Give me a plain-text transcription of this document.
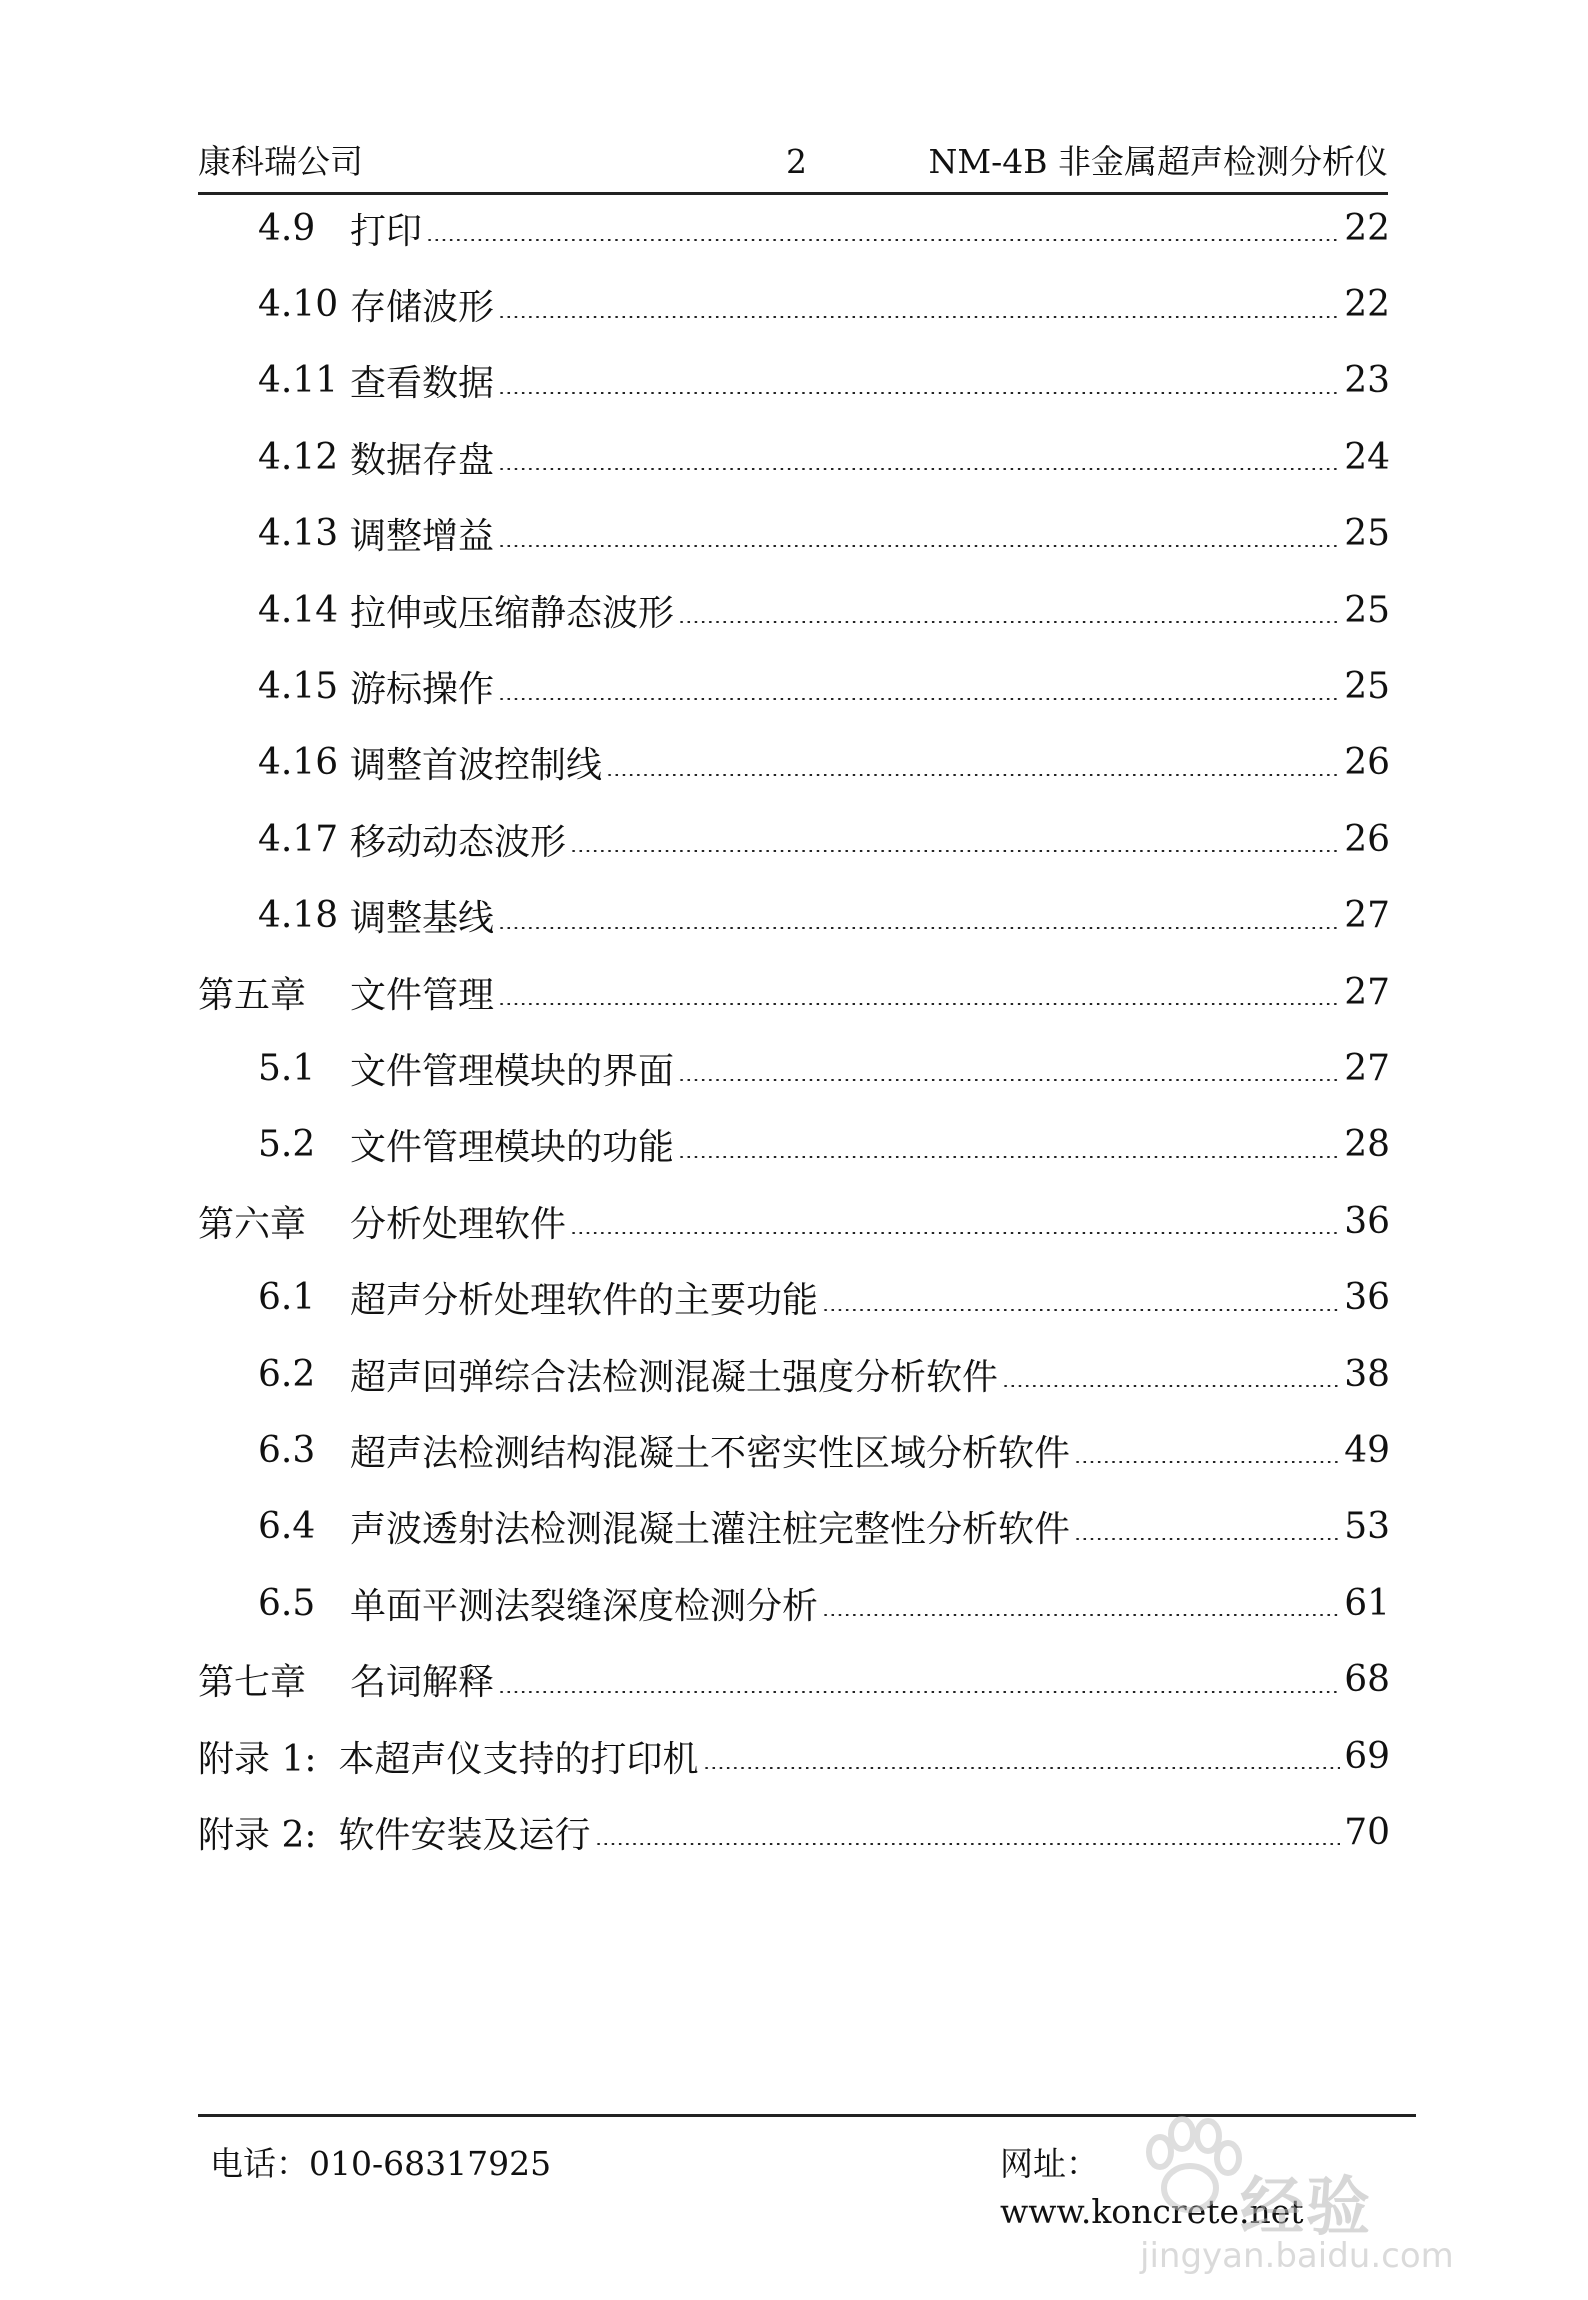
康科瑞公司	2	NM-4B 非金属超声检测分析仪
4.9 打印	22
4.10 存储波形	22
4.11 查看数据	23
4.12 数据存盘	24
4.13 调整增益	25
4.14 拉伸或压缩静态波形	25
4.15 游标操作	25
4.16 调整首波控制线	26
4.17 移动动态波形	26
4.18 调整基线	27
第五章	文件管理	27
5.1 文件管理模块的界面	27
5.2 文件管理模块的功能	28
第六章	分析处理软件	36
6.1 超声分析处理软件的主要功能	36
6.2 超声回弹综合法检测混凝土强度分析软件	38
6.3 超声法检测结构混凝土不密实性区域分析软件	49
6.4 声波透射法检测混凝土灌注桩完整性分析软件	53
6.5 单面平测法裂缝深度检测分析	61
第七章	名词解释	68
附录 1: 本超声仪支持的打印机	69
附录 2: 软件安装及运行	70
电话：010-68317925	网址：www.koncrete.net
经验
jingyan.baidu.com
